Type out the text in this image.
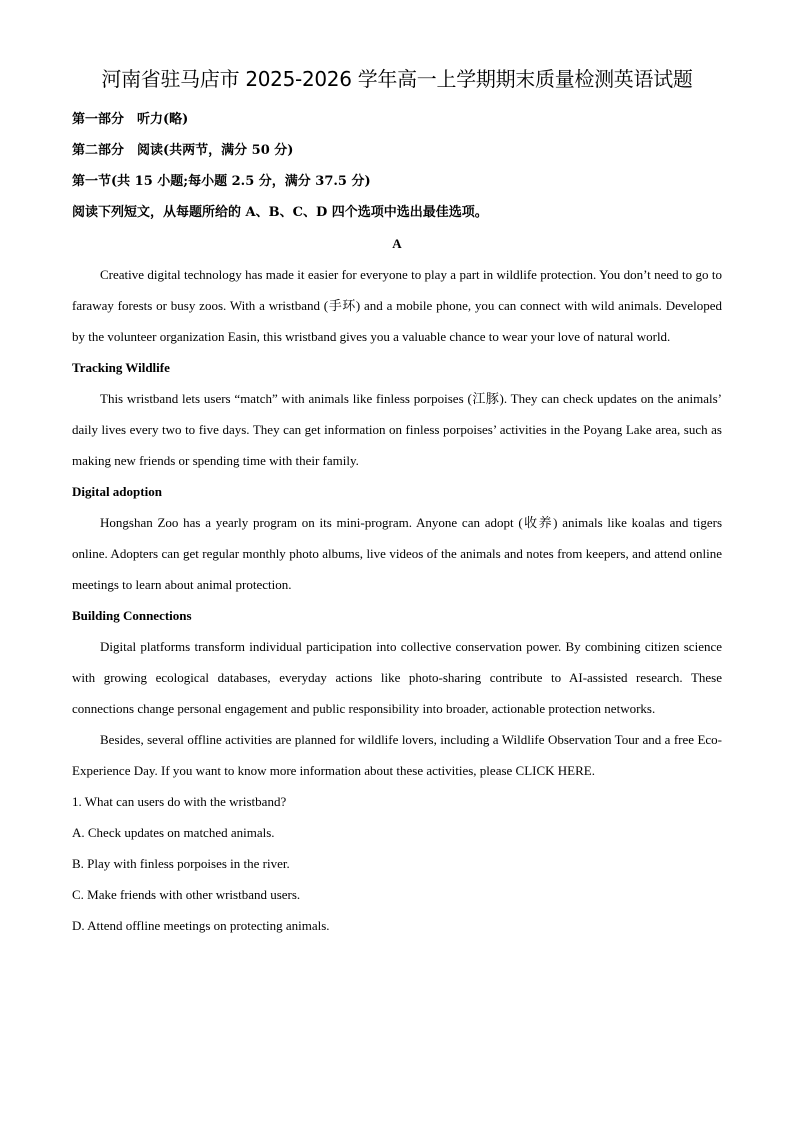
河南省驻马店市 2025-2026 学年高一上学期期末质量检测英语试题
第一部分　听力(略)
第二部分　阅读(共两节，满分 50 分)
第一节(共 15 小题;每小题 2.5 分，满分 37.5 分)
阅读下列短文，从每题所给的 A、B、C、D 四个选项中选出最佳选项。
A

Creative digital technology has made it easier for everyone to play a part in wildlife protection. You don’t need to go to faraway forests or busy zoos. With a wristband (手环) and a mobile phone, you can connect with wild animals. Developed by the volunteer organization Easin, this wristband gives you a valuable chance to wear your love of natural world.

Tracking Wildlife

This wristband lets users “match” with animals like finless porpoises (江豚). They can check updates on the animals’ daily lives every two to five days. They can get information on finless porpoises’ activities in the Poyang Lake area, such as making new friends or spending time with their family.

Digital adoption

Hongshan Zoo has a yearly program on its mini-program. Anyone can adopt (收养) animals like koalas and tigers online. Adopters can get regular monthly photo albums, live videos of the animals and notes from keepers, and attend online meetings to learn about animal protection.

Building Connections

Digital platforms transform individual participation into collective conservation power. By combining citizen science with growing ecological databases, everyday actions like photo-sharing contribute to AI-assisted research. These connections change personal engagement and public responsibility into broader, actionable protection networks.

Besides, several offline activities are planned for wildlife lovers, including a Wildlife Observation Tour and a free Eco-Experience Day. If you want to know more information about these activities, please CLICK HERE.

1. What can users do with the wristband?
A. Check updates on matched animals.
B. Play with finless porpoises in the river.
C. Make friends with other wristband users.
D. Attend offline meetings on protecting animals.
